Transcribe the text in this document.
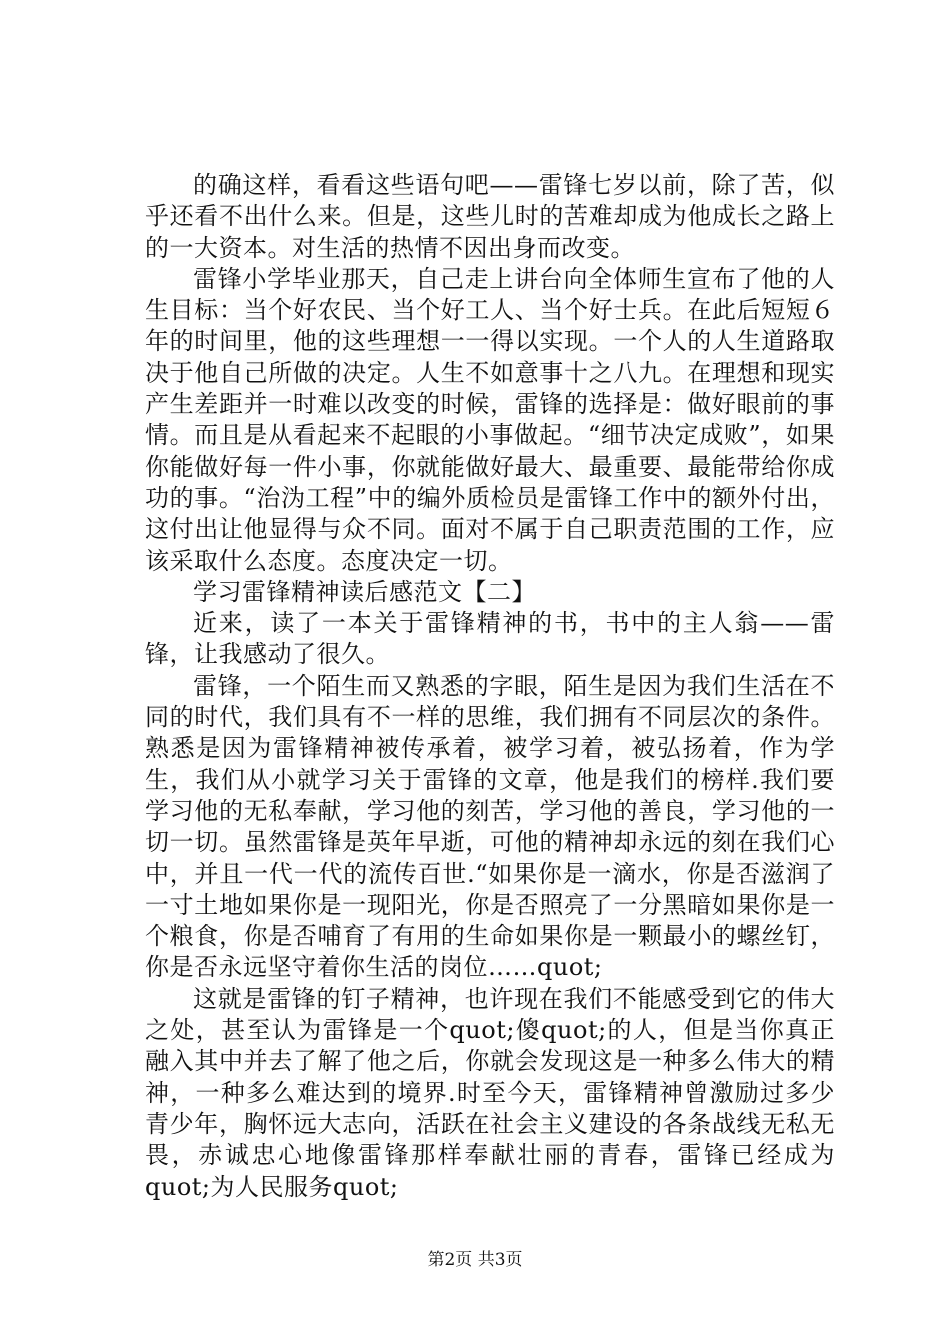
的确这样，看看这些语句吧——雷锋七岁以前，除了苦，似乎还看不出什么来。但是，这些儿时的苦难却成为他成长之路上的一大资本。对生活的热情不因出身而改变。

雷锋小学毕业那天，自己走上讲台向全体师生宣布了他的人生目标：当个好农民、当个好工人、当个好士兵。在此后短短６年的时间里，他的这些理想一一得以实现。一个人的人生道路取决于他自己所做的决定。人生不如意事十之八九。在理想和现实产生差距并一时难以改变的时候，雷锋的选择是：做好眼前的事情。而且是从看起来不起眼的小事做起。“细节决定成败”，如果你能做好每一件小事，你就能做好最大、最重要、最能带给你成功的事。“治沩工程”中的编外质检员是雷锋工作中的额外付出，这付出让他显得与众不同。面对不属于自己职责范围的工作，应该采取什么态度。态度决定一切。

学习雷锋精神读后感范文【二】

近来，读了一本关于雷锋精神的书，书中的主人翁——雷锋，让我感动了很久。

雷锋，一个陌生而又熟悉的字眼，陌生是因为我们生活在不同的时代，我们具有不一样的思维，我们拥有不同层次的条件。熟悉是因为雷锋精神被传承着，被学习着，被弘扬着，作为学生，我们从小就学习关于雷锋的文章，他是我们的榜样.我们要学习他的无私奉献，学习他的刻苦，学习他的善良，学习他的一切一切。虽然雷锋是英年早逝，可他的精神却永远的刻在我们心中，并且一代一代的流传百世.“如果你是一滴水，你是否滋润了一寸土地如果你是一现阳光，你是否照亮了一分黑暗如果你是一个粮食，你是否哺育了有用的生命如果你是一颗最小的螺丝钉，你是否永远坚守着你生活的岗位……quot;

这就是雷锋的钉子精神，也许现在我们不能感受到它的伟大之处，甚至认为雷锋是一个quot;傻quot;的人，但是当你真正融入其中并去了解了他之后，你就会发现这是一种多么伟大的精神，一种多么难达到的境界.时至今天，雷锋精神曾激励过多少青少年，胸怀远大志向，活跃在社会主义建设的各条战线无私无畏，赤诚忠心地像雷锋那样奉献壮丽的青春，雷锋已经成为quot;为人民服务quot;

第2页 共3页
